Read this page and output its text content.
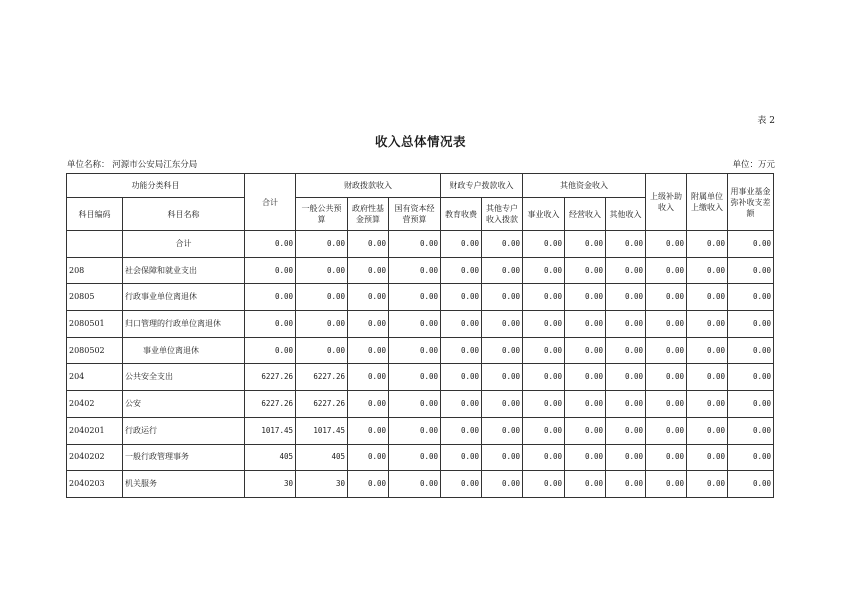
表 2
收入总体情况表
单位名称： 河源市公安局江东分局	单位：万元
功能分类科目		合计	财政拨款收入			财政专户拨款收入		其他资金收入			上级补助收入	附属单位上缴收入	用事业基金弥补收支差额
科目编码	科目名称		一般公共预算	政府性基金预算	国有资本经营预算	教育收费	其他专户收入拨款	事业收入	经营收入	其他收入			
	合计	0.00	0.00	0.00	0.00	0.00	0.00	0.00	0.00	0.00	0.00	0.00	0.00
208	社会保障和就业支出	0.00	0.00	0.00	0.00	0.00	0.00	0.00	0.00	0.00	0.00	0.00	0.00
20805	行政事业单位离退休	0.00	0.00	0.00	0.00	0.00	0.00	0.00	0.00	0.00	0.00	0.00	0.00
2080501	归口管理的行政单位离退休	0.00	0.00	0.00	0.00	0.00	0.00	0.00	0.00	0.00	0.00	0.00	0.00
2080502	事业单位离退休	0.00	0.00	0.00	0.00	0.00	0.00	0.00	0.00	0.00	0.00	0.00	0.00
204	公共安全支出	6227.26	6227.26	0.00	0.00	0.00	0.00	0.00	0.00	0.00	0.00	0.00	0.00
20402	公安	6227.26	6227.26	0.00	0.00	0.00	0.00	0.00	0.00	0.00	0.00	0.00	0.00
2040201	行政运行	1017.45	1017.45	0.00	0.00	0.00	0.00	0.00	0.00	0.00	0.00	0.00	0.00
2040202	一般行政管理事务	405	405	0.00	0.00	0.00	0.00	0.00	0.00	0.00	0.00	0.00	0.00
2040203	机关服务	30	30	0.00	0.00	0.00	0.00	0.00	0.00	0.00	0.00	0.00	0.00
